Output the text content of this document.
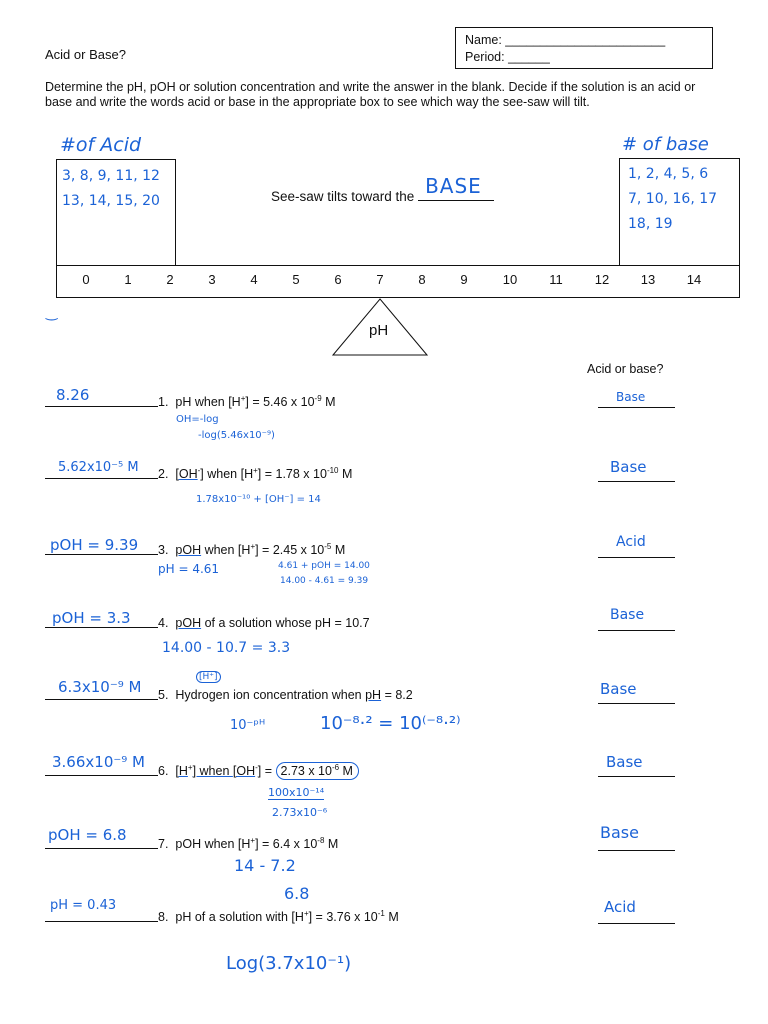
Acid or Base?
Name: _______________________
Period: ______
Determine the pH, pOH or solution concentration and write the answer in the blank. Decide if the solution is an acid or base and write the words acid or base in the appropriate box to see which way the see-saw will tilt.
#of Acid	# of base
3, 8, 9, 11, 12
13, 14, 15, 20
1, 2, 4, 5, 6
7, 10, 16, 17
18, 19
See-saw tilts toward the BASE
0	1	2	3	4	5	6	7	8	9	10	11	12	13	14
pH
‿
Acid or base?
1. pH when [H+] = 5.46 x $10^{-9}$ M
8.26
OH=-log
-log(5.46x10⁻⁹)
Base
2. [OH-] when [H+] = 1.78 x $10^{-10}$ M
5.62x10⁻⁵ M
1.78x10⁻¹⁰ + [OH⁻] = 14
Base
3. pOH when [H+] = 2.45 x $10^{-5}$ M
pOH = 9.39
pH = 4.61	4.61 + pOH = 14.00
14.00 - 4.61 = 9.39
Acid
4. pOH of a solution whose pH = 10.7
pOH = 3.3
14.00 - 10.7 = 3.3
Base
5. Hydrogen ion concentration when pH = 8.2
6.3x10⁻⁹ M
[H⁺]
10⁻ᵖᴴ	10⁻⁸·² = 10⁽⁻⁸·²⁾
Base
6. [H+] when [OH-] = 2.73 x $10^{-6}$ M
3.66x10⁻⁹ M
100x10⁻¹⁴
2.73x10⁻⁶
Base
7. pOH when [H+] = 6.4 x $10^{-8}$ M
pOH = 6.8
14 - 7.2
6.8
Base
8. pH of a solution with [H+] = 3.76 x $10^{-1}$ M
pH = 0.43
Log(3.7x10⁻¹)
Acid
